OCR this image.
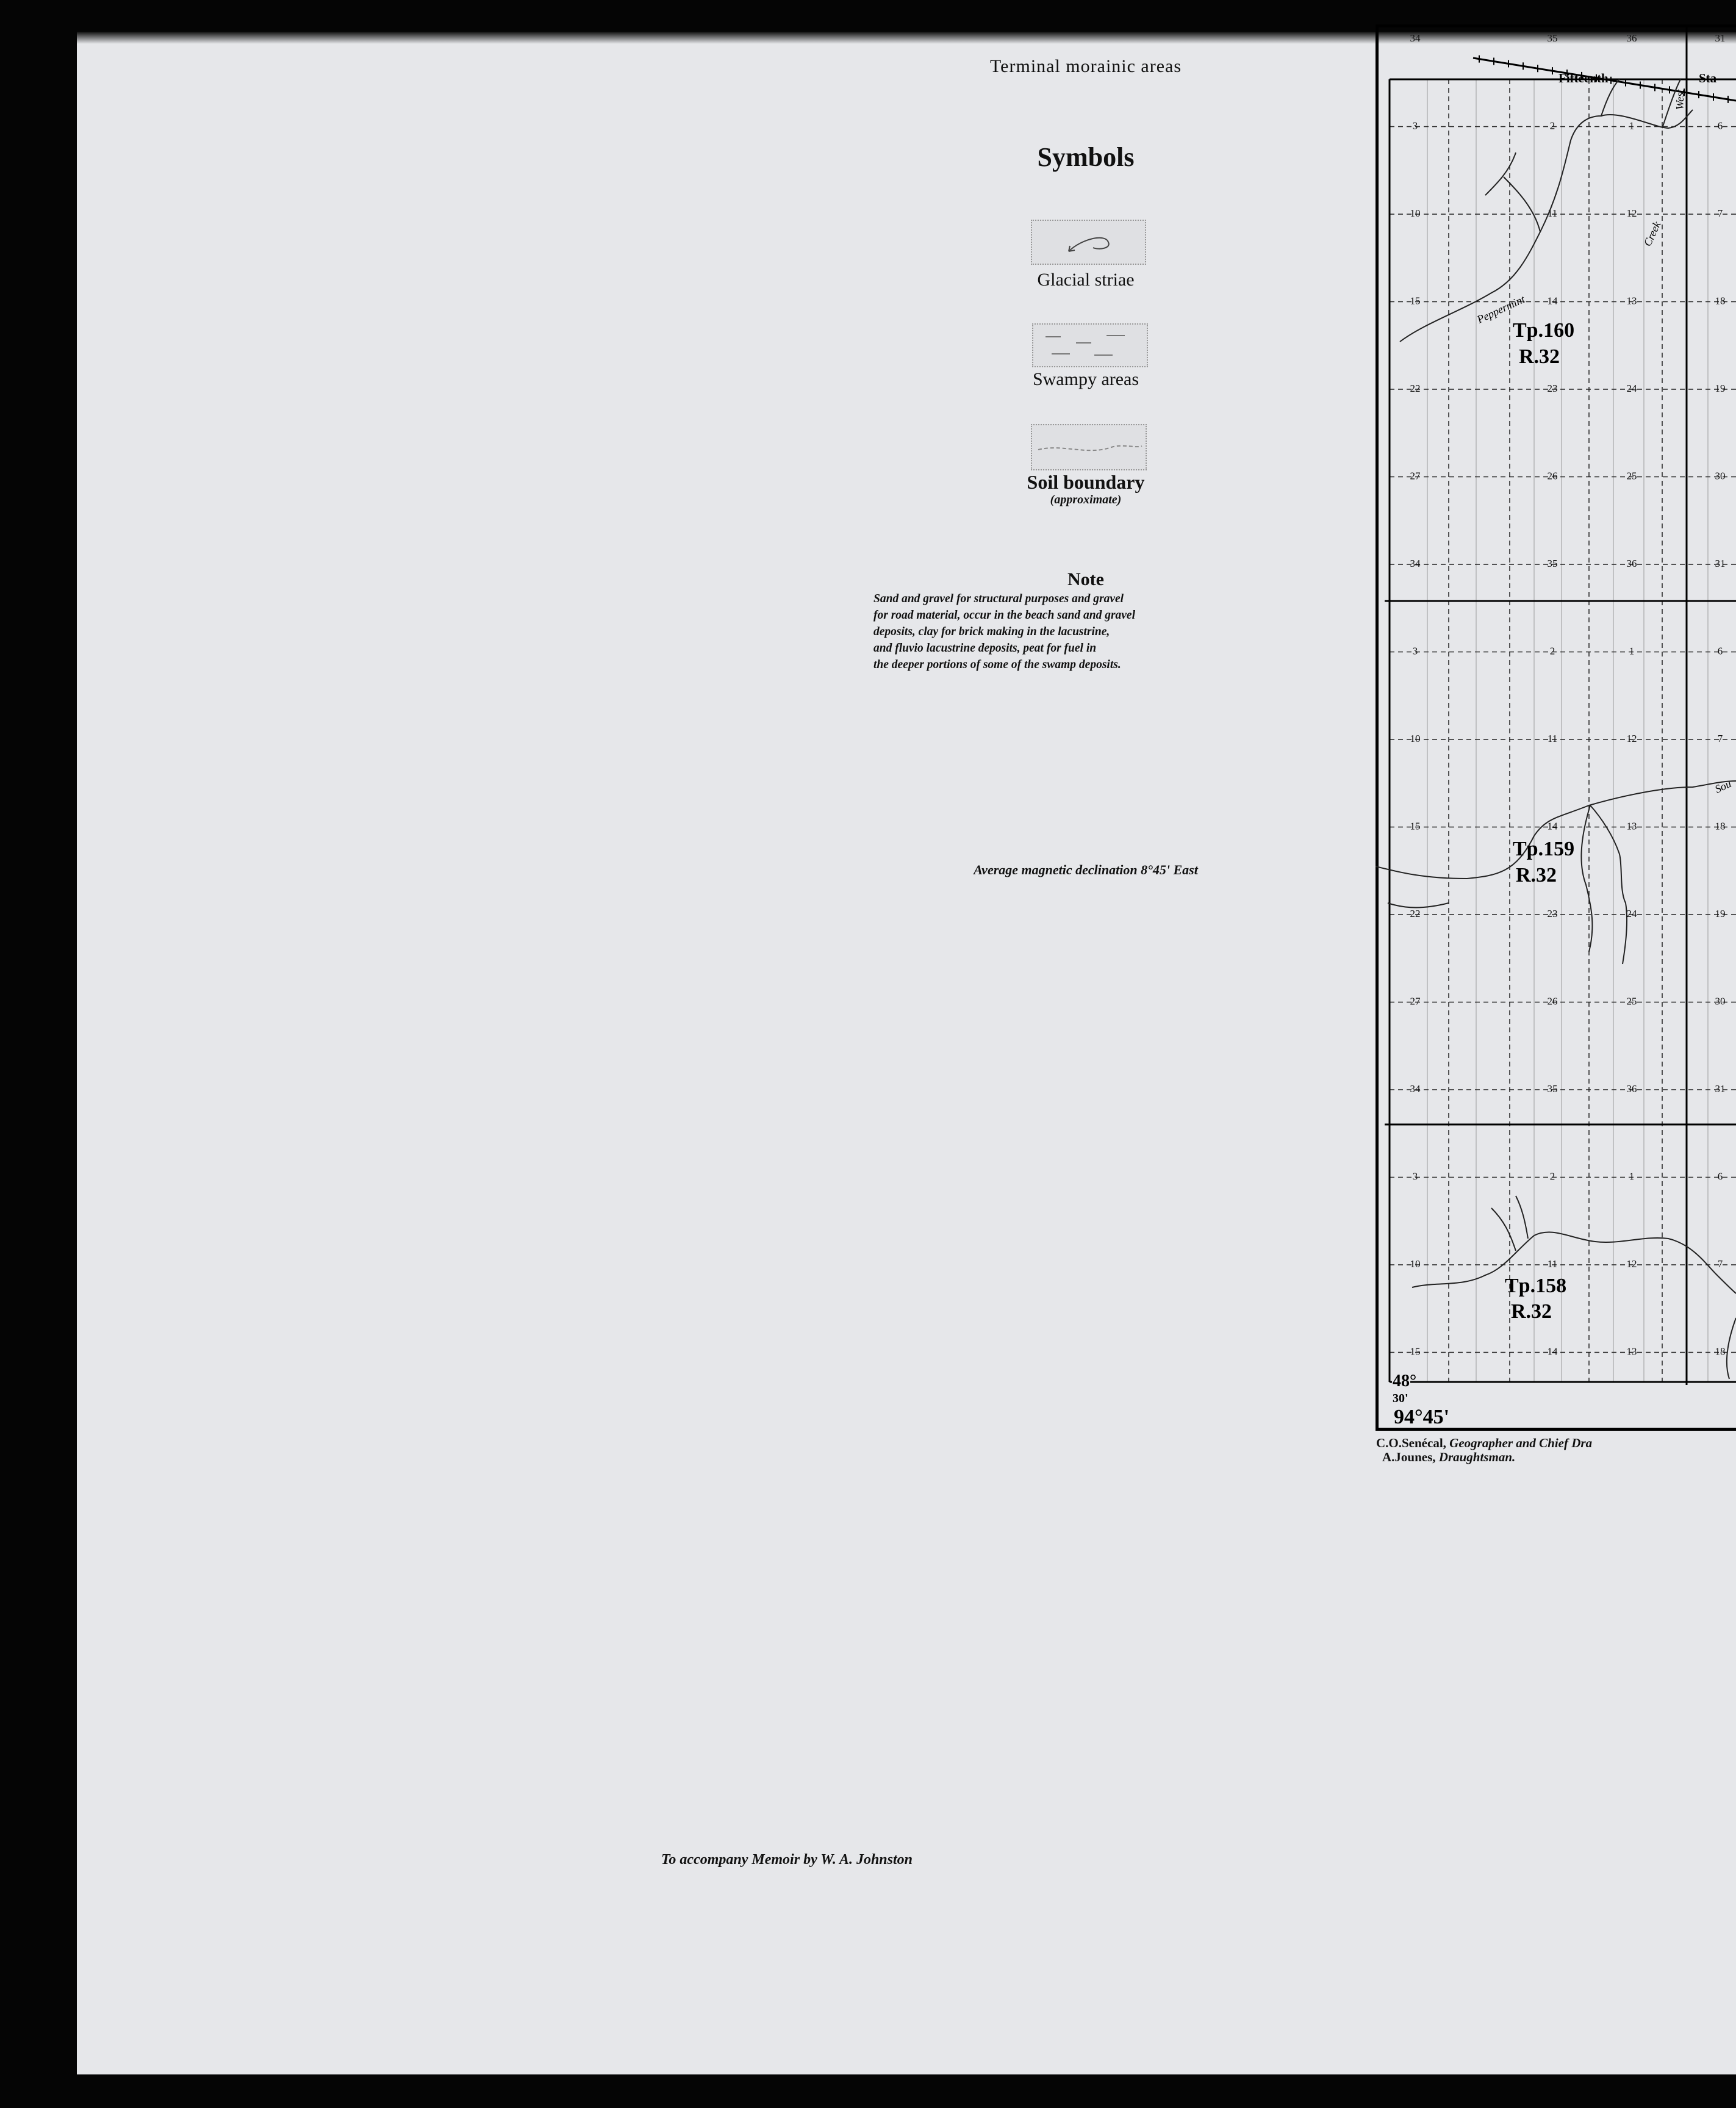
Terminal morainic areas
Symbols
Glacial striae
Swampy areas
Soil boundary
(approximate)
Note
Sand and gravel for structural purposes and gravel
for road material, occur in the beach sand and gravel
deposits, clay for brick making in the lacustrine,
and fluvio lacustrine deposits, peat for fuel in
the deeper portions of some of the swamp deposits.
Average magnetic declination 8°45' East
To accompany Memoir by W. A. Johnston
Fifteenth	Sta
Creek
Peppermint
West
Sou
Tp.160
R.32
Tp.159
R.32
Tp.158
R.32
34	35	36	31
3	2	1	6
10	11	12	7
15	14	13	18
22	23	24	19
27	26	25	30
34	35	36	31
3	2	1	6
10	11	12	7
15	14	13	18
22	23	24	19
27	26	25	30
34	35	36	31
3	2	1	6
10	11	12	7
15	14	13	18
48°
30'
94°45'
C.O.Senécal, Geographer and Chief Dra
A.Jounes, Draughtsman.
